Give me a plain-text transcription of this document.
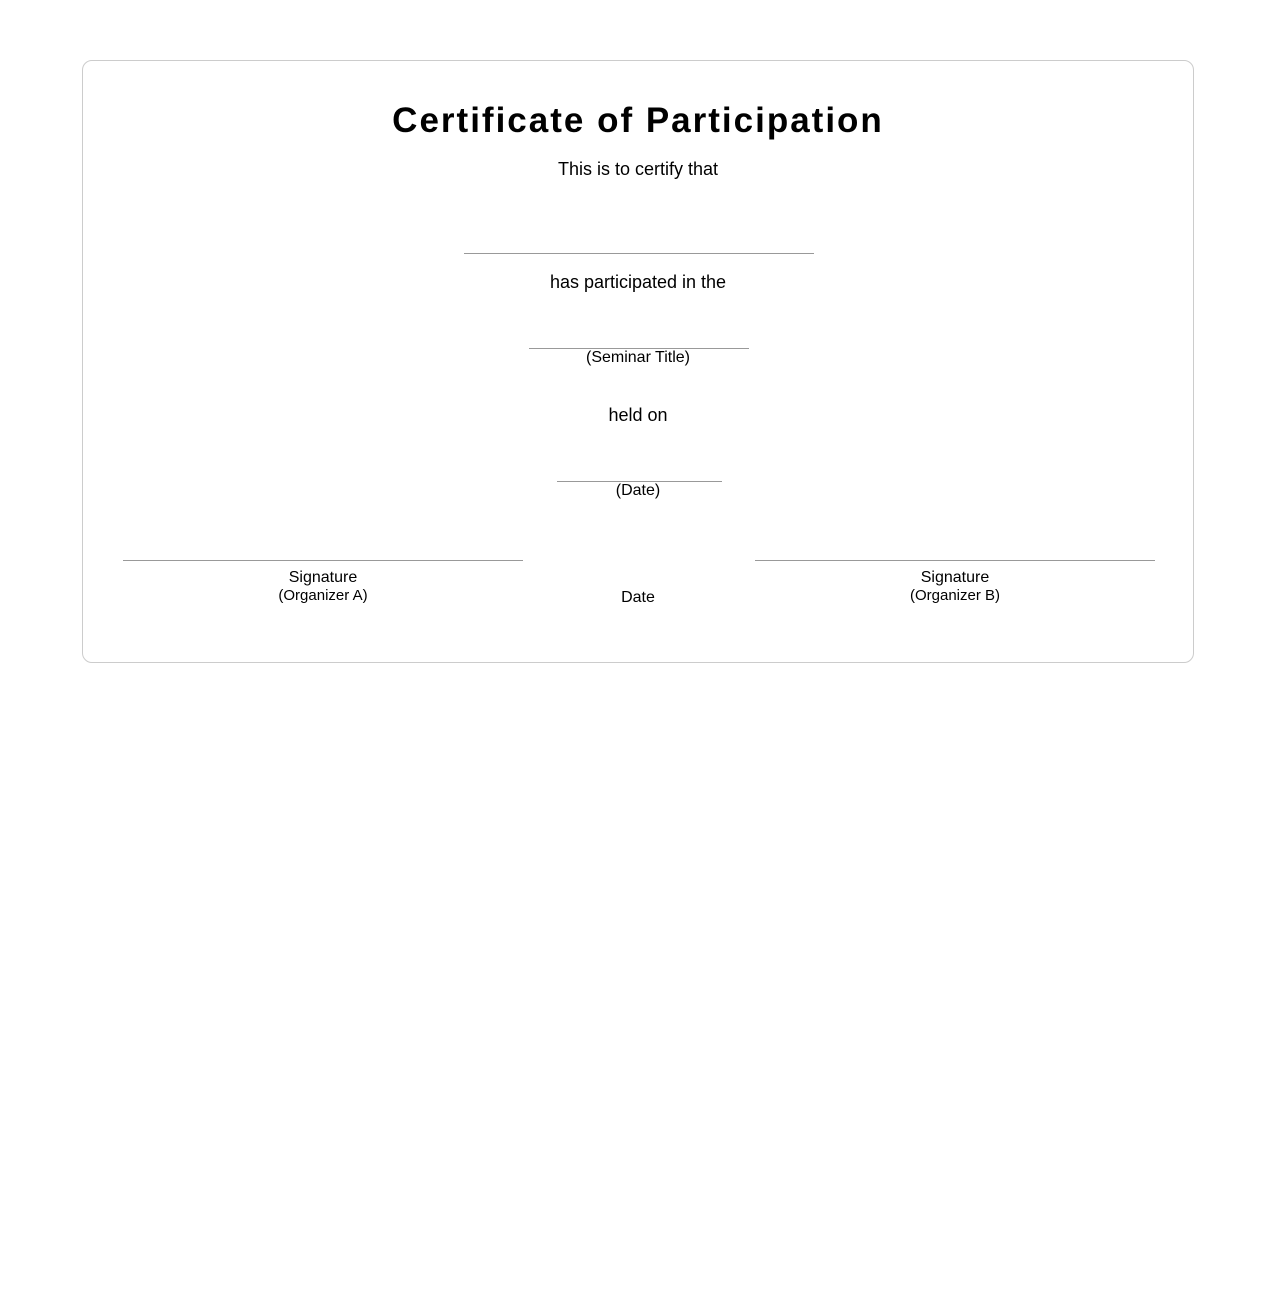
Certificate of Participation
This is to certify that
has participated in the
(Seminar Title)
held on
(Date)
Signature
(Organizer A)	Date
Signature
(Organizer B)
